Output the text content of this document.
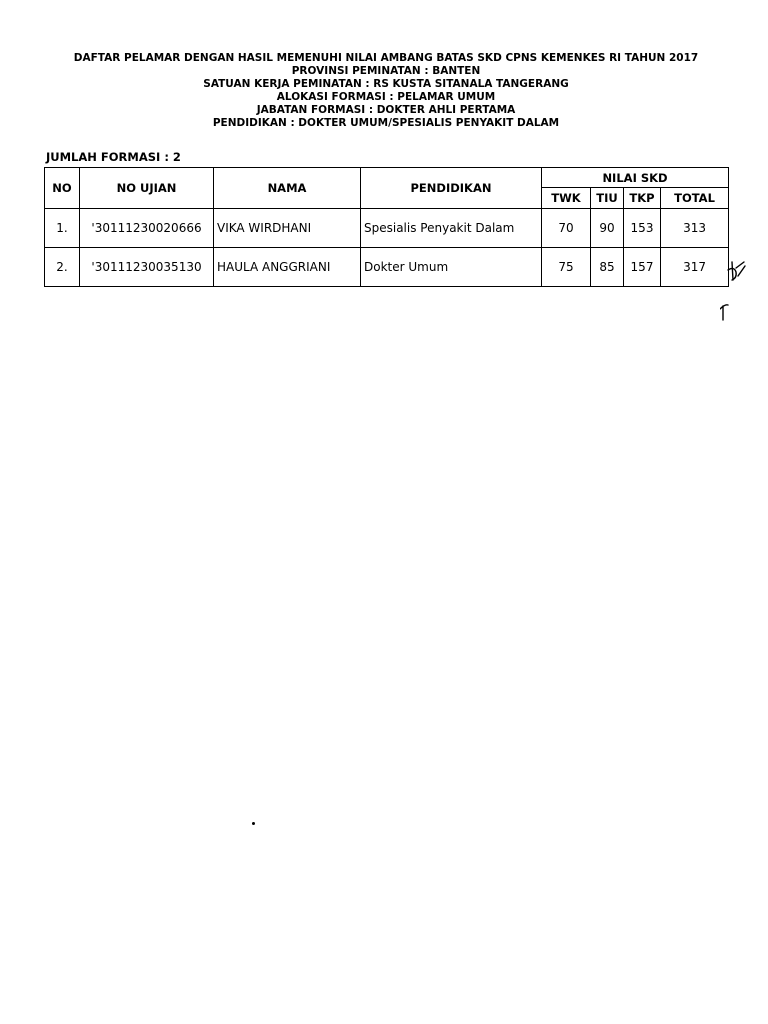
DAFTAR PELAMAR DENGAN HASIL MEMENUHI NILAI AMBANG BATAS SKD CPNS KEMENKES RI TAHUN 2017
PROVINSI PEMINATAN : BANTEN
SATUAN KERJA PEMINATAN : RS KUSTA SITANALA TANGERANG
ALOKASI FORMASI : PELAMAR UMUM
JABATAN FORMASI : DOKTER AHLI PERTAMA
PENDIDIKAN : DOKTER UMUM/SPESIALIS PENYAKIT DALAM
JUMLAH FORMASI : 2
NO	NO UJIAN	NAMA	PENDIDIKAN	NILAI SKD			
				TWK	TIU	TKP	TOTAL
1.	'30111230020666	VIKA WIRDHANI	Spesialis Penyakit Dalam	70	90	153	313
2.	'30111230035130	HAULA ANGGRIANI	Dokter Umum	75	85	157	317
